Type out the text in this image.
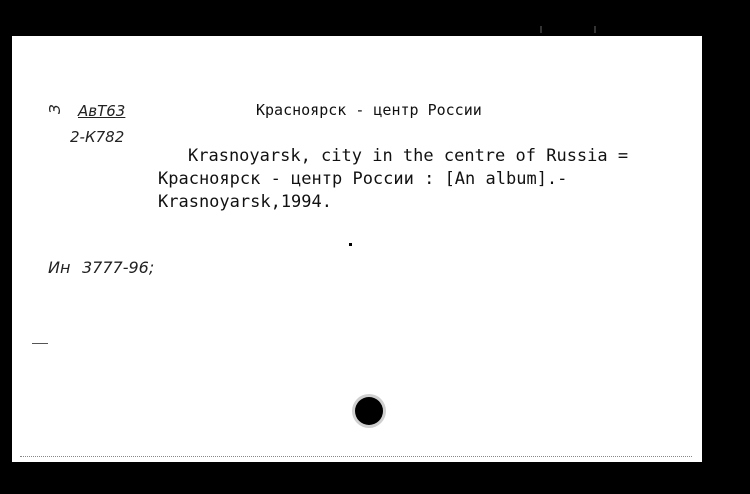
З АвТ63
2-К782
Красноярск - центр России
Krasnoyarsk, city in the centre of Russia =
Красноярск - центр России : [An album].-
Krasnoyarsk,1994.
Ин 3777-96;
